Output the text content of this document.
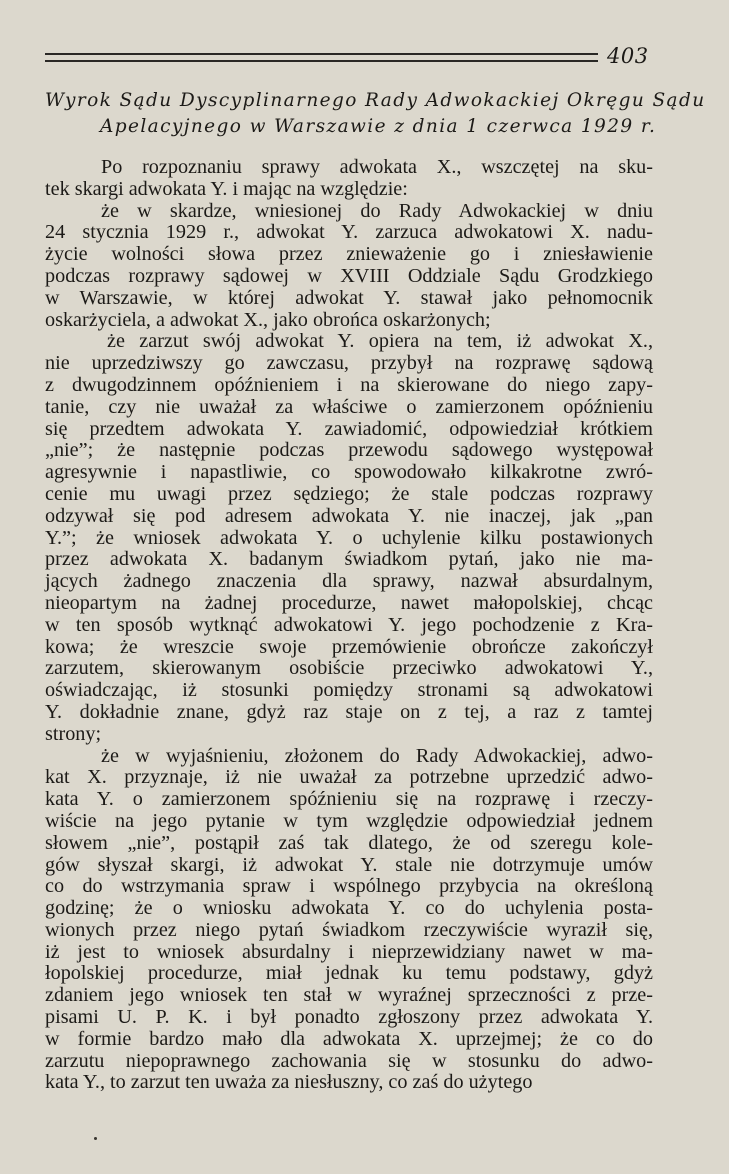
403
Wyrok Sądu Dyscyplinarnego Rady Adwokackiej Okręgu Sądu
Apelacyjnego w Warszawie z dnia 1 czerwca 1929 r.
Po rozpoznaniu sprawy adwokata X., wszczętej na sku-
tek skargi adwokata Y. i mając na względzie:
że w skardze, wniesionej do Rady Adwokackiej w dniu
24 stycznia 1929 r., adwokat Y. zarzuca adwokatowi X. nadu-
życie wolności słowa przez znieważenie go i zniesławienie
podczas rozprawy sądowej w XVIII Oddziale Sądu Grodzkiego
w Warszawie, w której adwokat Y. stawał jako pełnomocnik
oskarżyciela, a adwokat X., jako obrońca oskarżonych;
że zarzut swój adwokat Y. opiera na tem, iż adwokat X.,
nie uprzedziwszy go zawczasu, przybył na rozprawę sądową
z dwugodzinnem opóźnieniem i na skierowane do niego zapy-
tanie, czy nie uważał za właściwe o zamierzonem opóźnieniu
się przedtem adwokata Y. zawiadomić, odpowiedział krótkiem
„nie”; że następnie podczas przewodu sądowego występował
agresywnie i napastliwie, co spowodowało kilkakrotne zwró-
cenie mu uwagi przez sędziego; że stale podczas rozprawy
odzywał się pod adresem adwokata Y. nie inaczej, jak „pan
Y.”; że wniosek adwokata Y. o uchylenie kilku postawionych
przez adwokata X. badanym świadkom pytań, jako nie ma-
jących żadnego znaczenia dla sprawy, nazwał absurdalnym,
nieopartym na żadnej procedurze, nawet małopolskiej, chcąc
w ten sposób wytknąć adwokatowi Y. jego pochodzenie z Kra-
kowa; że wreszcie swoje przemówienie obrończe zakończył
zarzutem, skierowanym osobiście przeciwko adwokatowi Y.,
oświadczając, iż stosunki pomiędzy stronami są adwokatowi
Y. dokładnie znane, gdyż raz staje on z tej, a raz z tamtej
strony;
że w wyjaśnieniu, złożonem do Rady Adwokackiej, adwo-
kat X. przyznaje, iż nie uważał za potrzebne uprzedzić adwo-
kata Y. o zamierzonem spóźnieniu się na rozprawę i rzeczy-
wiście na jego pytanie w tym względzie odpowiedział jednem
słowem „nie”, postąpił zaś tak dlatego, że od szeregu kole-
gów słyszał skargi, iż adwokat Y. stale nie dotrzymuje umów
co do wstrzymania spraw i wspólnego przybycia na określoną
godzinę; że o wniosku adwokata Y. co do uchylenia posta-
wionych przez niego pytań świadkom rzeczywiście wyraził się,
iż jest to wniosek absurdalny i nieprzewidziany nawet w ma-
łopolskiej procedurze, miał jednak ku temu podstawy, gdyż
zdaniem jego wniosek ten stał w wyraźnej sprzeczności z prze-
pisami U. P. K. i był ponadto zgłoszony przez adwokata Y.
w formie bardzo mało dla adwokata X. uprzejmej; że co do
zarzutu niepoprawnego zachowania się w stosunku do adwo-
kata Y., to zarzut ten uważa za niesłuszny, co zaś do użytego
